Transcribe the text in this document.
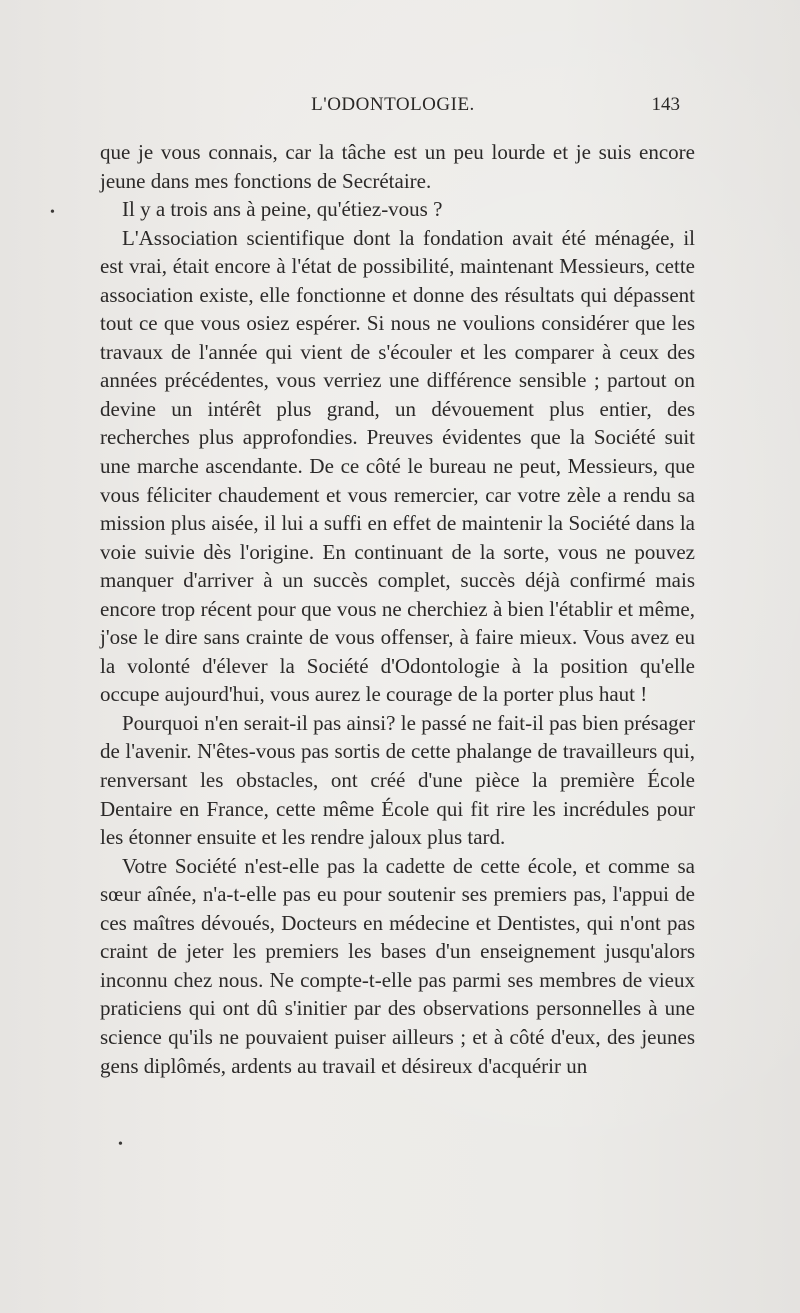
L'ODONTOLOGIE.	143
•
•

que je vous connais, car la tâche est un peu lourde et je suis encore jeune dans mes fonctions de Secrétaire.

Il y a trois ans à peine, qu'étiez-vous ?

L'Association scientifique dont la fondation avait été ménagée, il est vrai, était encore à l'état de possibilité, maintenant Messieurs, cette association existe, elle fonctionne et donne des résultats qui dépassent tout ce que vous osiez espérer. Si nous ne voulions considérer que les travaux de l'année qui vient de s'écouler et les comparer à ceux des années précédentes, vous verriez une différence sensible ; partout on devine un intérêt plus grand, un dévouement plus entier, des recherches plus approfondies. Preuves évidentes que la Société suit une marche ascendante. De ce côté le bureau ne peut, Messieurs, que vous féliciter chaudement et vous remercier, car votre zèle a rendu sa mission plus aisée, il lui a suffi en effet de maintenir la Société dans la voie suivie dès l'origine. En continuant de la sorte, vous ne pouvez manquer d'arriver à un succès complet, succès déjà confirmé mais encore trop récent pour que vous ne cherchiez à bien l'établir et même, j'ose le dire sans crainte de vous offenser, à faire mieux. Vous avez eu la volonté d'élever la Société d'Odontologie à la position qu'elle occupe aujourd'hui, vous aurez le courage de la porter plus haut !

Pourquoi n'en serait-il pas ainsi? le passé ne fait-il pas bien présager de l'avenir. N'êtes-vous pas sortis de cette phalange de travailleurs qui, renversant les obstacles, ont créé d'une pièce la première École Dentaire en France, cette même École qui fit rire les incrédules pour les étonner ensuite et les rendre jaloux plus tard.

Votre Société n'est-elle pas la cadette de cette école, et comme sa sœur aînée, n'a-t-elle pas eu pour soutenir ses premiers pas, l'appui de ces maîtres dévoués, Docteurs en médecine et Dentistes, qui n'ont pas craint de jeter les premiers les bases d'un enseignement jusqu'alors inconnu chez nous. Ne compte-t-elle pas parmi ses membres de vieux praticiens qui ont dû s'initier par des observations personnelles à une science qu'ils ne pouvaient puiser ailleurs ; et à côté d'eux, des jeunes gens diplômés, ardents au travail et désireux d'acquérir un
